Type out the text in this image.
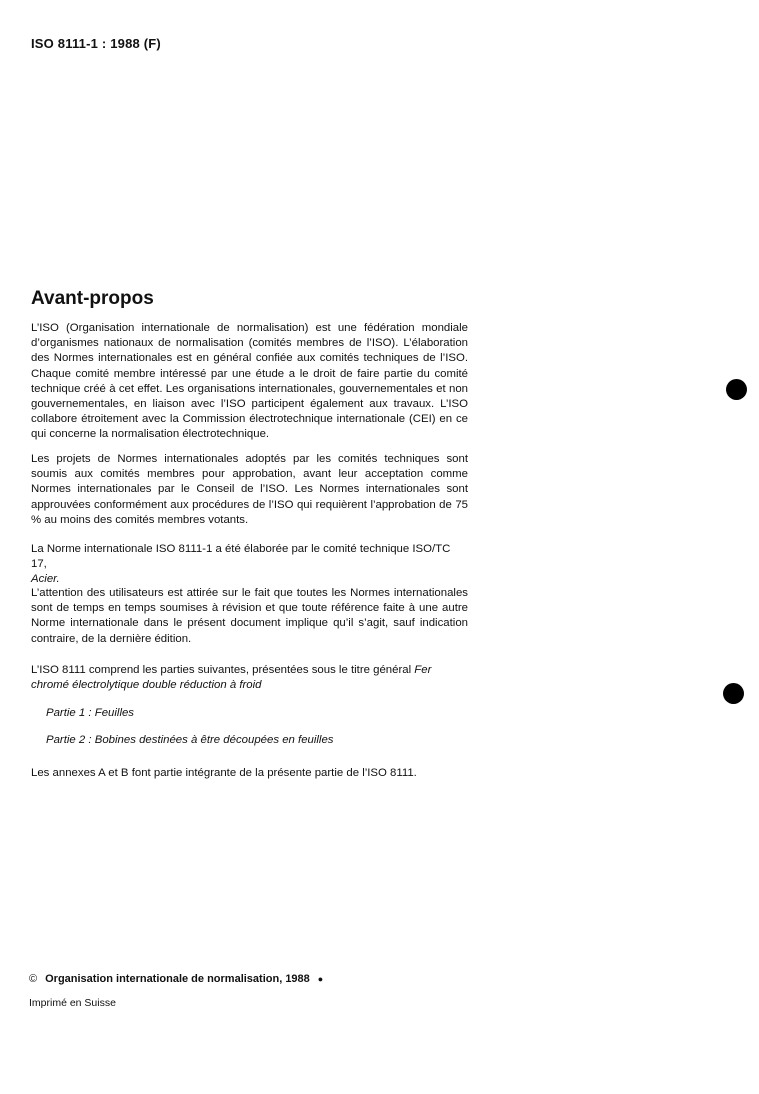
ISO 8111-1 : 1988 (F)
Avant-propos

L’ISO (Organisation internationale de normalisation) est une fédération mondiale d’organismes nationaux de normalisation (comités membres de l’ISO). L’élaboration des Normes internationales est en général confiée aux comités techniques de l’ISO. Chaque comité membre intéressé par une étude a le droit de faire partie du comité technique créé à cet effet. Les organisations internationales, gouvernementales et non gouvernementales, en liaison avec l’ISO participent également aux travaux. L’ISO collabore étroitement avec la Commission électrotechnique internationale (CEI) en ce qui concerne la normalisation électrotechnique.

Les projets de Normes internationales adoptés par les comités techniques sont soumis aux comités membres pour approbation, avant leur acceptation comme Normes internationales par le Conseil de l’ISO. Les Normes internationales sont approuvées conformément aux procédures de l’ISO qui requièrent l’approbation de 75 % au moins des comités membres votants.

La Norme internationale ISO 8111-1 a été élaborée par le comité technique ISO/TC 17,
Acier.

L’attention des utilisateurs est attirée sur le fait que toutes les Normes internationales sont de temps en temps soumises à révision et que toute référence faite à une autre Norme internationale dans le présent document implique qu’il s’agit, sauf indication contraire, de la dernière édition.

L’ISO 8111 comprend les parties suivantes, présentées sous le titre général Fer chromé électrolytique double réduction à froid

Partie 1 : Feuilles

Partie 2 : Bobines destinées à être découpées en feuilles

Les annexes A et B font partie intégrante de la présente partie de l’ISO 8111.

© Organisation internationale de normalisation, 1988 ●
Imprimé en Suisse
